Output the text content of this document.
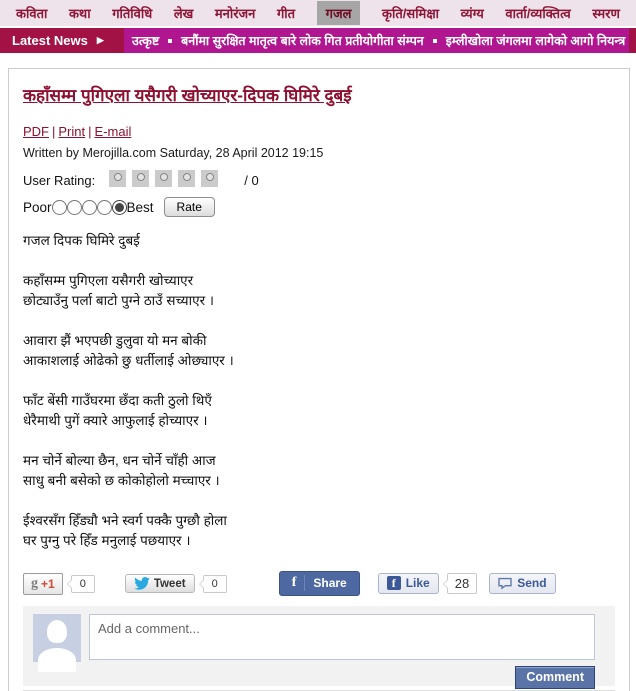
कविता कथा गतिविधि लेख मनोरंजन गीत	गजल	कृति/समिक्षा व्यंग्य वार्ता/व्यक्तित्व स्मरण
Latest News ▶ उत्कृष्ट बनौंमा सुरक्षित मातृत्व बारे लोक गित प्रतीयोगीता संम्पन इम्लीखोला जंगलमा लागेको आगो नियन्त्र
कहाँसम्म पुगिएला यसैगरी खोच्याएर-दिपक घिमिरे दुबई
PDF | Print | E-mail
Written by Merojilla.com Saturday, 28 April 2012 19:15
User Rating:	/ 0
Poor	Best	Rate

गजल दिपक घिमिरे दुबई

कहाँसम्म पुगिएला यसैगरी खोच्याएर
छोट्याउँनु पर्ला बाटो पुग्ने ठाउँ सच्याएर ।

आवारा झैं भएपछी डुलुवा यो मन बोकी
आकाशलाई ओढेको छु धर्तीलाई ओछ्याएर ।

फाँट बेंसी गाउँघरमा छँदा कती ठुलो थिएँ
धेरैमाथी पुगें क्यारे आफुलाई होच्याएर ।

मन चोर्ने बोल्या छैन, धन चोर्ने चाँही आज
साधु बनी बसेको छ कोकोहोलो मच्चाएर ।

ईश्वरसँग हिँड्यौ भने स्वर्ग पक्कै पुग्छौ होला
घर पुग्नु परे हिँड मनुलाई पछयाएर ।

g +1	0	Tweet	0	f	Share	f Like	28	Send
Add a comment...
Comment
